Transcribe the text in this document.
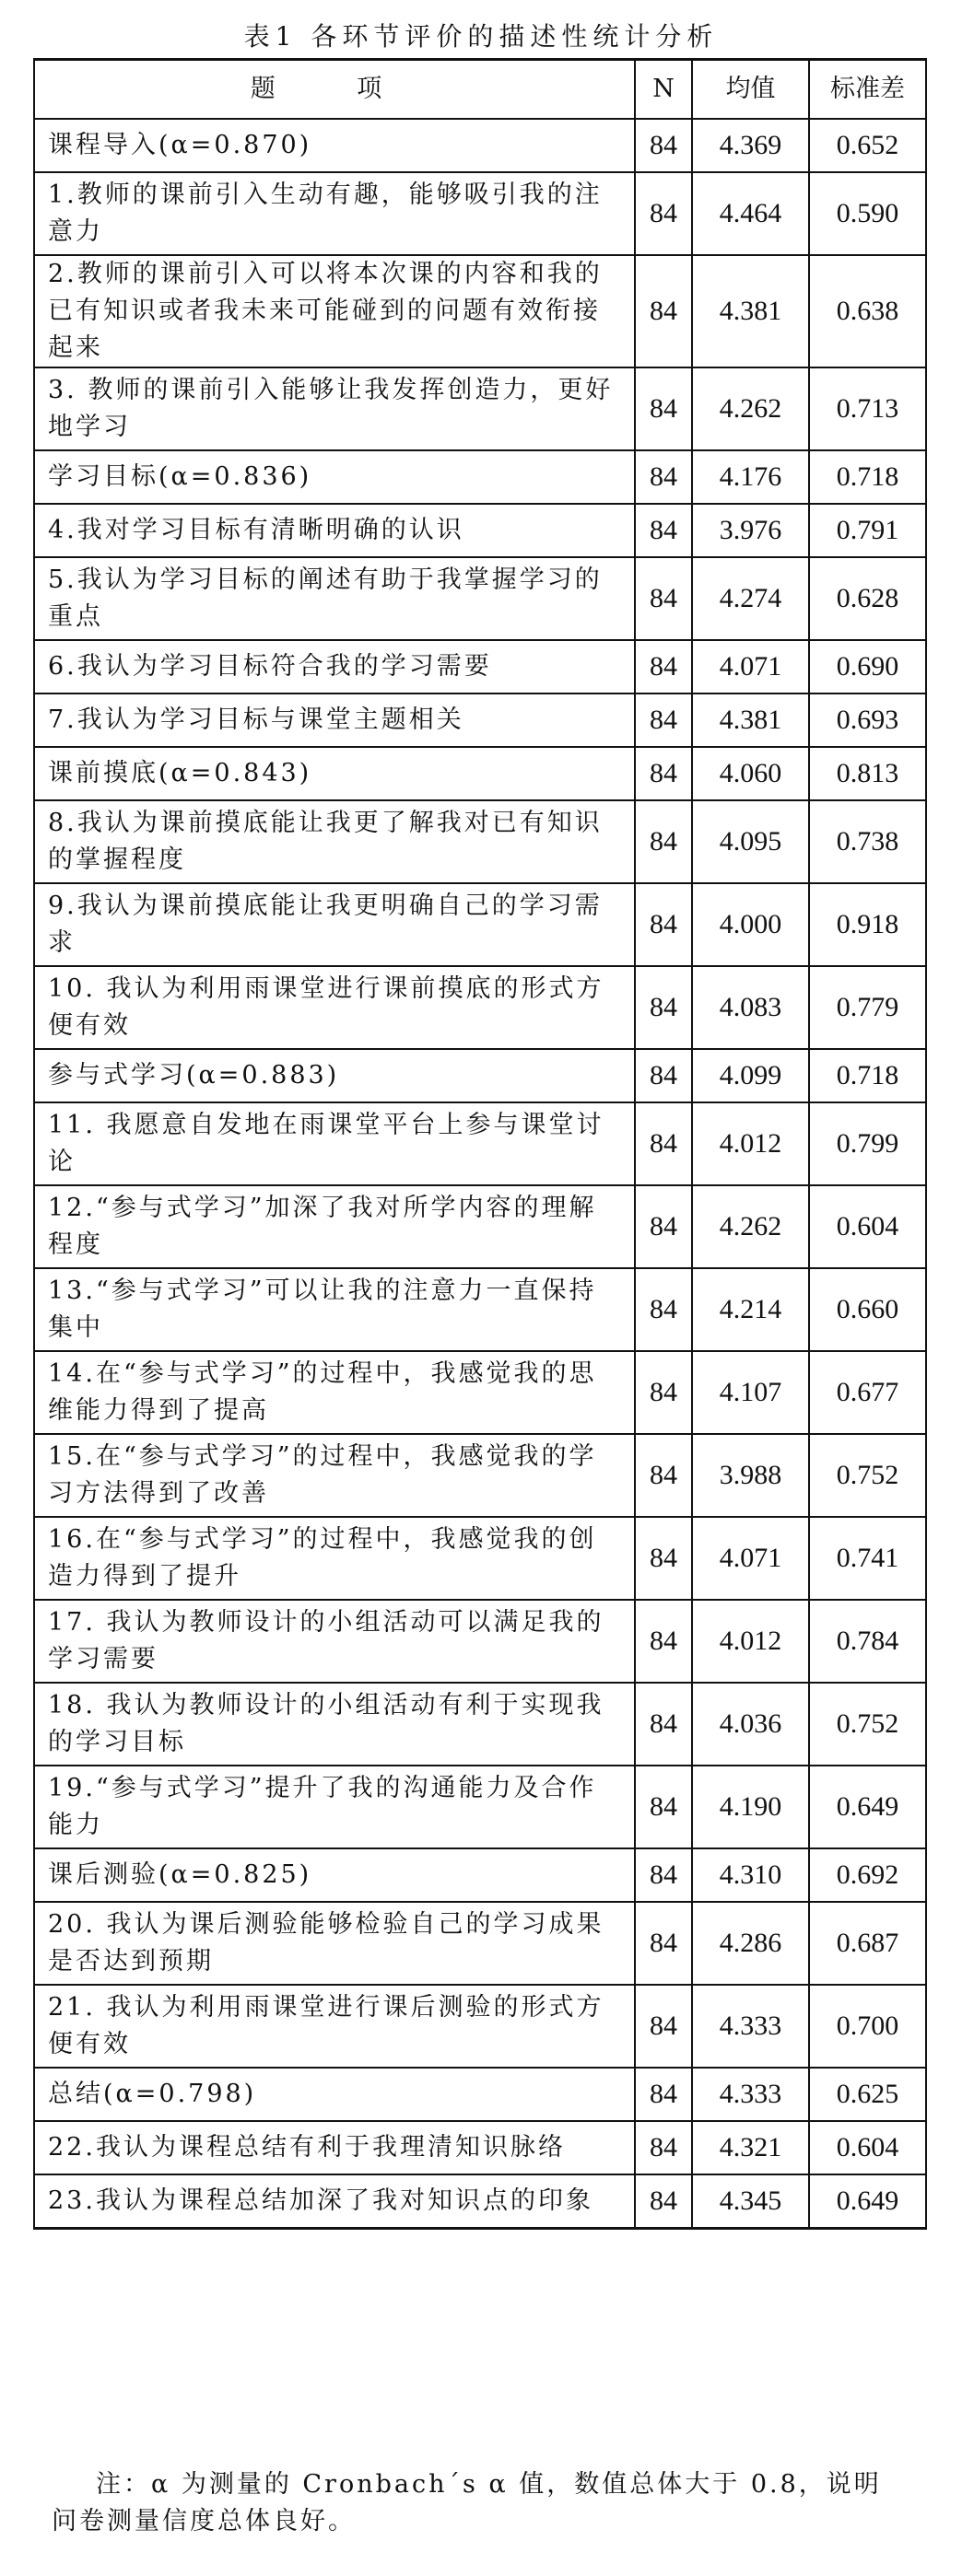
表1 各环节评价的描述性统计分析
题 项	N	均值	标准差
课程导入(α=0.870)	84	4.369	0.652
1.教师的课前引入生动有趣，能够吸引我的注意力	84	4.464	0.590
2.教师的课前引入可以将本次课的内容和我的已有知识或者我未来可能碰到的问题有效衔接起来	84	4.381	0.638
3. 教师的课前引入能够让我发挥创造力，更好地学习	84	4.262	0.713
学习目标(α=0.836)	84	4.176	0.718
4.我对学习目标有清晰明确的认识	84	3.976	0.791
5.我认为学习目标的阐述有助于我掌握学习的重点	84	4.274	0.628
6.我认为学习目标符合我的学习需要	84	4.071	0.690
7.我认为学习目标与课堂主题相关	84	4.381	0.693
课前摸底(α=0.843)	84	4.060	0.813
8.我认为课前摸底能让我更了解我对已有知识的掌握程度	84	4.095	0.738
9.我认为课前摸底能让我更明确自己的学习需求	84	4.000	0.918
10. 我认为利用雨课堂进行课前摸底的形式方便有效	84	4.083	0.779
参与式学习(α=0.883)	84	4.099	0.718
11. 我愿意自发地在雨课堂平台上参与课堂讨论	84	4.012	0.799
12.“参与式学习”加深了我对所学内容的理解程度	84	4.262	0.604
13.“参与式学习”可以让我的注意力一直保持集中	84	4.214	0.660
14.在“参与式学习”的过程中，我感觉我的思维能力得到了提高	84	4.107	0.677
15.在“参与式学习”的过程中，我感觉我的学习方法得到了改善	84	3.988	0.752
16.在“参与式学习”的过程中，我感觉我的创造力得到了提升	84	4.071	0.741
17. 我认为教师设计的小组活动可以满足我的学习需要	84	4.012	0.784
18. 我认为教师设计的小组活动有利于实现我的学习目标	84	4.036	0.752
19.“参与式学习”提升了我的沟通能力及合作能力	84	4.190	0.649
课后测验(α=0.825)	84	4.310	0.692
20. 我认为课后测验能够检验自己的学习成果是否达到预期	84	4.286	0.687
21. 我认为利用雨课堂进行课后测验的形式方便有效	84	4.333	0.700
总结(α=0.798)	84	4.333	0.625
22.我认为课程总结有利于我理清知识脉络	84	4.321	0.604
23.我认为课程总结加深了我对知识点的印象	84	4.345	0.649
注：α 为测量的 Cronbach´s α 值，数值总体大于 0.8，说明
问卷测量信度总体良好。
